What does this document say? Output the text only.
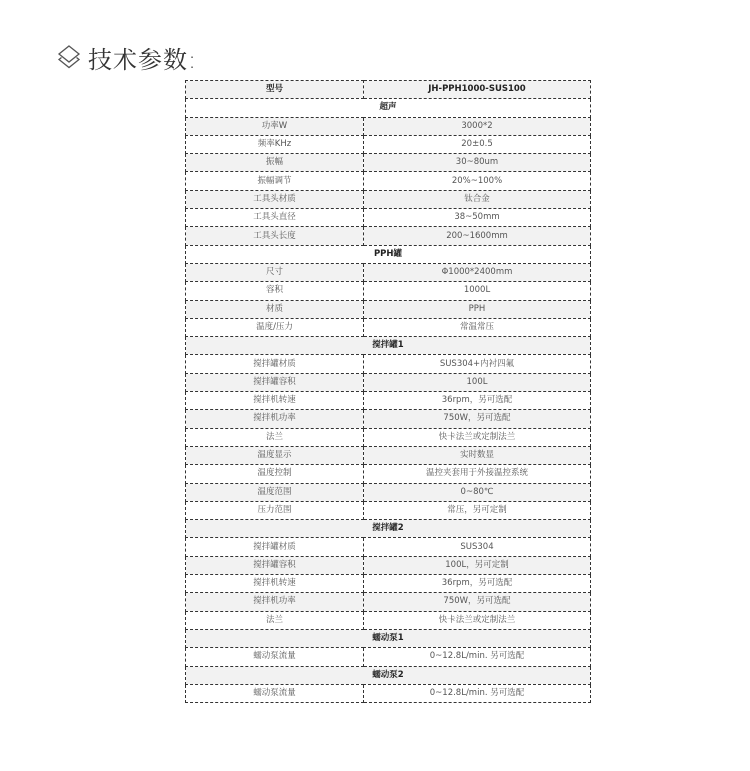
技术参数:
型号	JH-PPH1000-SUS100
超声	
功率W	3000*2
频率KHz	20±0.5
振幅	30~80um
振幅调节	20%~100%
工具头材质	钛合金
工具头直径	38~50mm
工具头长度	200~1600mm
PPH罐	
尺寸	Φ1000*2400mm
容积	1000L
材质	PPH
温度/压力	常温常压
搅拌罐1	
搅拌罐材质	SUS304+内衬四氟
搅拌罐容积	100L
搅拌机转速	36rpm，另可选配
搅拌机功率	750W，另可选配
法兰	快卡法兰或定制法兰
温度显示	实时数显
温度控制	温控夹套用于外接温控系统
温度范围	0~80℃
压力范围	常压，另可定制
搅拌罐2	
搅拌罐材质	SUS304
搅拌罐容积	100L，另可定制
搅拌机转速	36rpm，另可选配
搅拌机功率	750W，另可选配
法兰	快卡法兰或定制法兰
蠕动泵1	
蠕动泵流量	0~12.8L/min. 另可选配
蠕动泵2	
蠕动泵流量	0~12.8L/min. 另可选配
